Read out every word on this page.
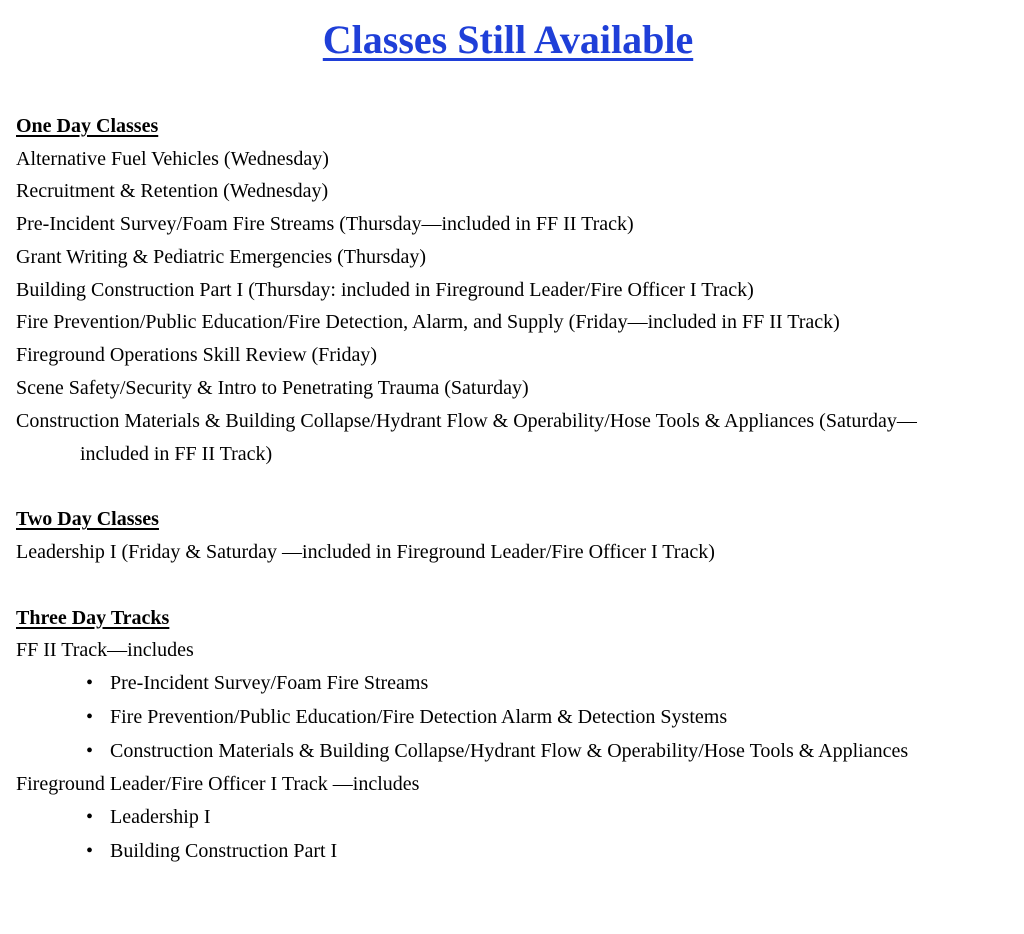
Classes Still Available
One Day Classes

Alternative Fuel Vehicles (Wednesday)

Recruitment & Retention (Wednesday)

Pre-Incident Survey/Foam Fire Streams (Thursday—included in FF II Track)

Grant Writing & Pediatric Emergencies (Thursday)

Building Construction Part I (Thursday: included in Fireground Leader/Fire Officer I Track)

Fire Prevention/Public Education/Fire Detection, Alarm, and Supply (Friday—included in FF II Track)

Fireground Operations Skill Review (Friday)

Scene Safety/Security & Intro to Penetrating Trauma (Saturday)

Construction Materials & Building Collapse/Hydrant Flow & Operability/Hose Tools & Appliances (Saturday—included in FF II Track)

Two Day Classes

Leadership I (Friday & Saturday —included in Fireground Leader/Fire Officer I Track)

Three Day Tracks

FF II Track—includes

• Pre-Incident Survey/Foam Fire Streams
• Fire Prevention/Public Education/Fire Detection Alarm & Detection Systems
• Construction Materials & Building Collapse/Hydrant Flow & Operability/Hose Tools & Appliances

Fireground Leader/Fire Officer I Track —includes

• Leadership I
• Building Construction Part I
